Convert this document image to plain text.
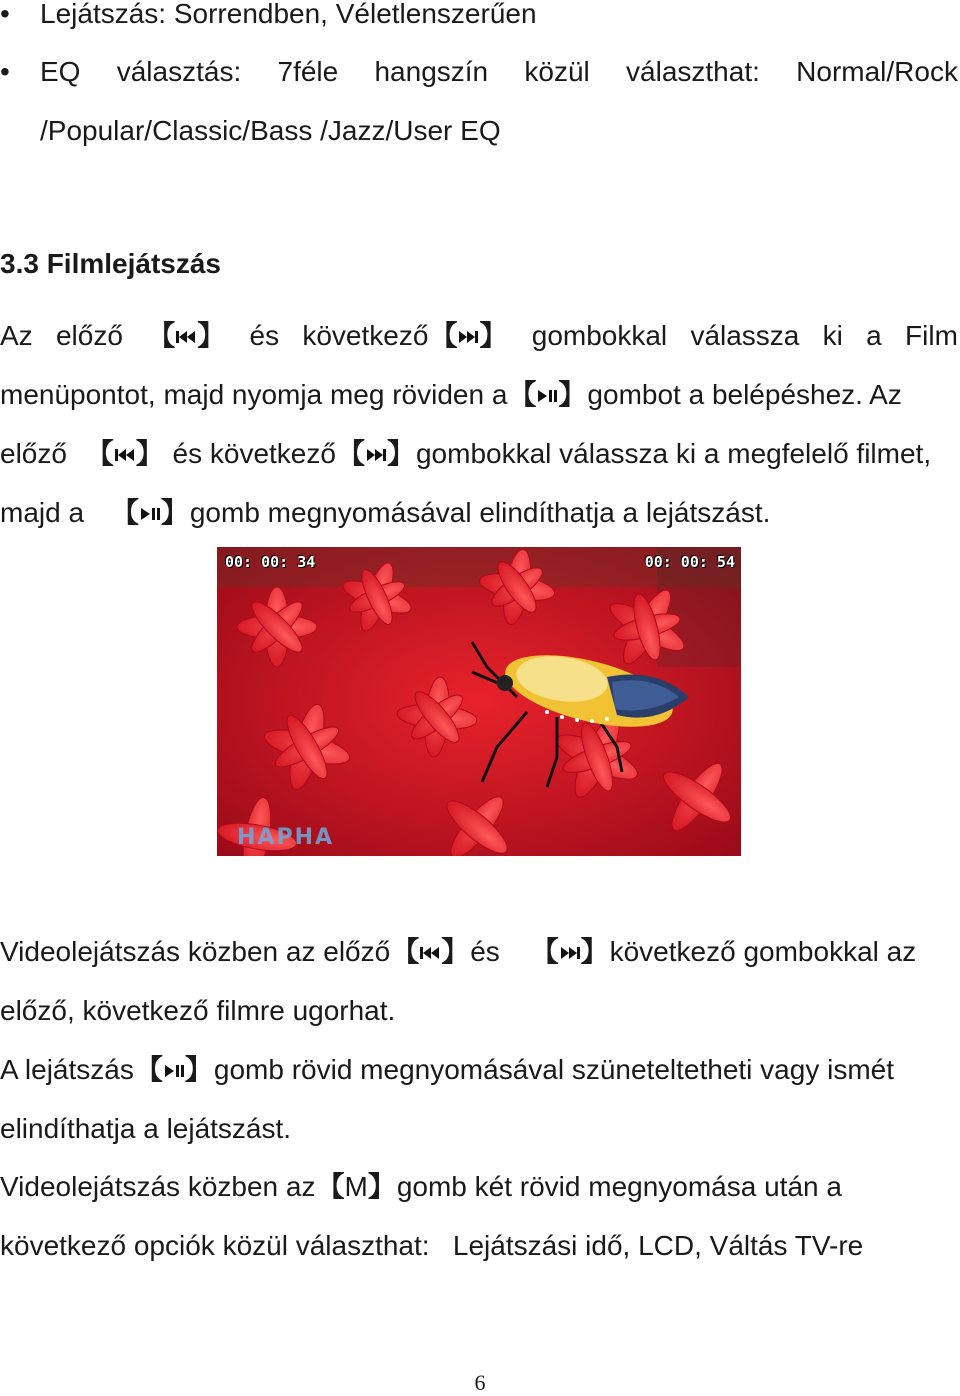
•	Lejátszás: Sorrendben, Véletlenszerűen
•	EQ választás: 7féle hangszín közül választhat: Normal/Rock
/Popular/Classic/Bass /Jazz/User EQ
3.3 Filmlejátszás
Az előző 【 】 és következő 【 】 gombokkal válassza ki a Film
menüpontot, majd nyomja meg röviden a 【 】 gombot a belépéshez. Az
előző 【 】 és következő 【 】 gombokkal válassza ki a megfelelő filmet,
majd a 【 】 gomb megnyomásával elindíthatja a lejátszást.
00: 00: 34	00: 00: 54
HAPHA
Videolejátszás közben az előző 【 】 és 【 】 következő gombokkal az
előző, következő filmre ugorhat.
A lejátszás 【 】 gomb rövid megnyomásával szüneteltetheti vagy ismét
elindíthatja a lejátszást.
Videolejátszás közben az 【 M 】 gomb két rövid megnyomása után a
következő opciók közül választhat:   Lejátszási idő, LCD, Váltás TV-re
6
